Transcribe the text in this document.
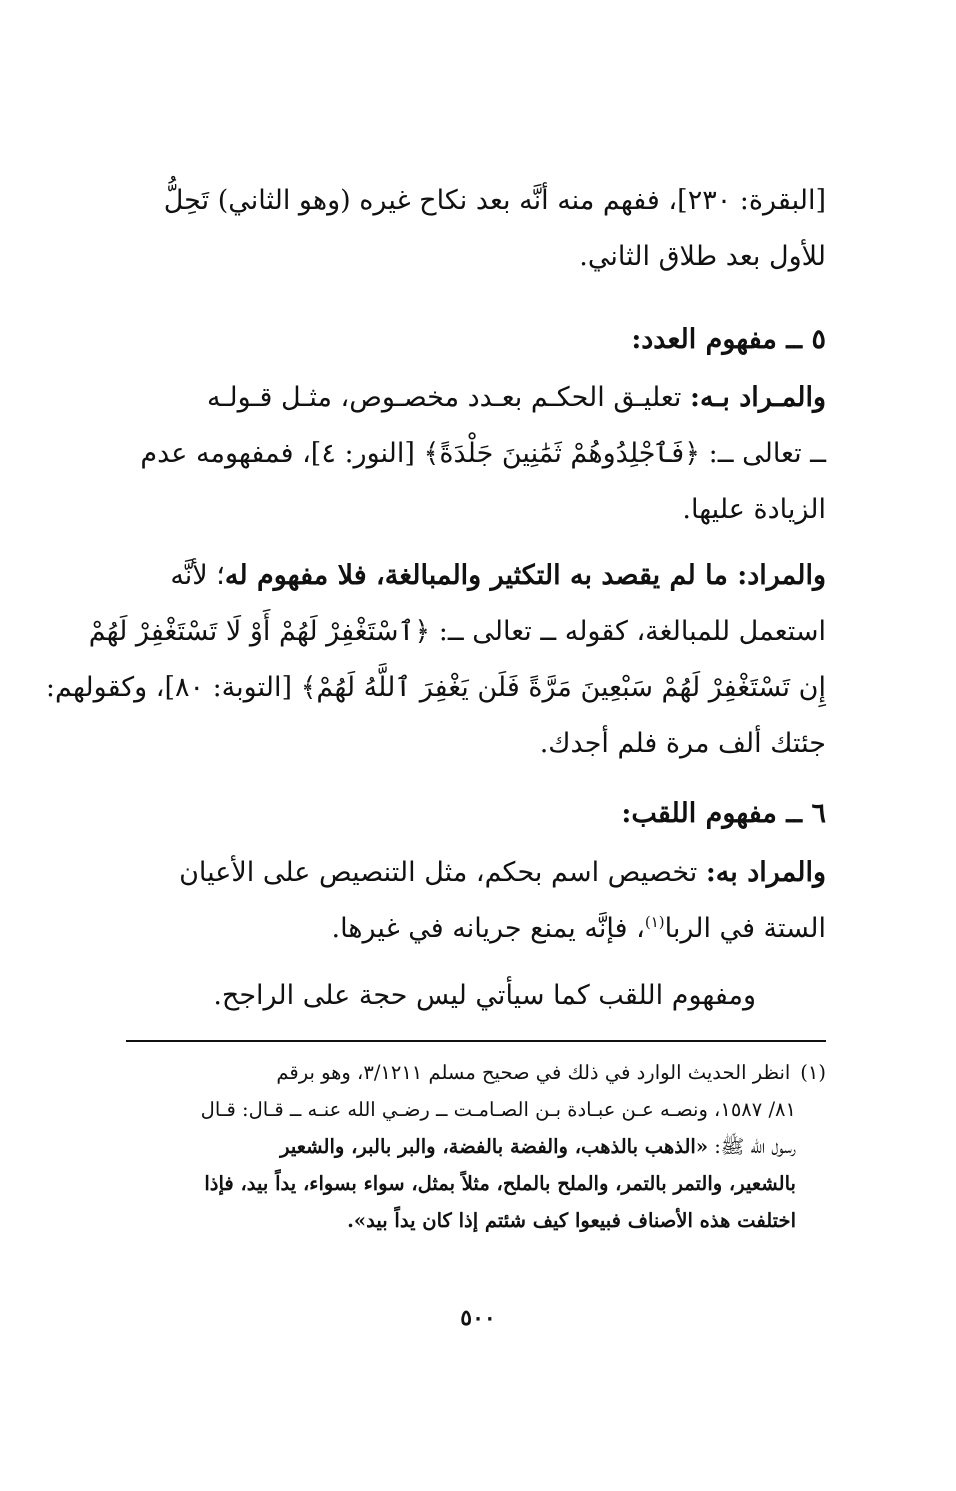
[البقرة: ٢٣٠]، ففهم منه أنَّه بعد نكاح غيره (وهو الثاني) تَحِلُّ
للأول بعد طلاق الثاني.
٥ ــ مفهوم العدد:
والمـراد بـه: تعليـق الحكـم بعـدد مخصـوص، مثـل قـولـه
ــ تعالى ــ: ﴿فَٱجْلِدُوهُمْ ثَمَٰنِينَ جَلْدَةً﴾ [النور: ٤]، فمفهومه عدم
الزيادة عليها.
والمراد: ما لم يقصد به التكثير والمبالغة، فلا مفهوم له؛ لأنَّه
استعمل للمبالغة، كقوله ــ تعالى ــ: ﴿ٱسْتَغْفِرْ لَهُمْ أَوْ لَا تَسْتَغْفِرْ لَهُمْ
إِن تَسْتَغْفِرْ لَهُمْ سَبْعِينَ مَرَّةً فَلَن يَغْفِرَ ٱللَّهُ لَهُمْ﴾ [التوبة: ٨٠]، وكقولهم:
جئتك ألف مرة فلم أجدك.
٦ ــ مفهوم اللقب:
والمراد به: تخصيص اسم بحكم، مثل التنصيص على الأعيان
الستة في الربا$^{(١)}$، فإنَّه يمنع جريانه في غيرها.
ومفهوم اللقب كما سيأتي ليس حجة على الراجح.
(١)انظر الحديث الوارد في ذلك في صحيح مسلم ٣/١٢١١، وهو برقم
٨١/ ١٥٨٧، ونصـه عـن عبـادة بـن الصـامـت ــ رضـي الله عنـه ــ قـال: قـال
رسول الله ﷺ: «الذهب بالذهب، والفضة بالفضة، والبر بالبر، والشعير
بالشعير، والتمر بالتمر، والملح بالملح، مثلاً بمثل، سواء بسواء، يداً بيد، فإذا
اختلفت هذه الأصناف فبيعوا كيف شئتم إذا كان يداً بيد».
٥٠٠
